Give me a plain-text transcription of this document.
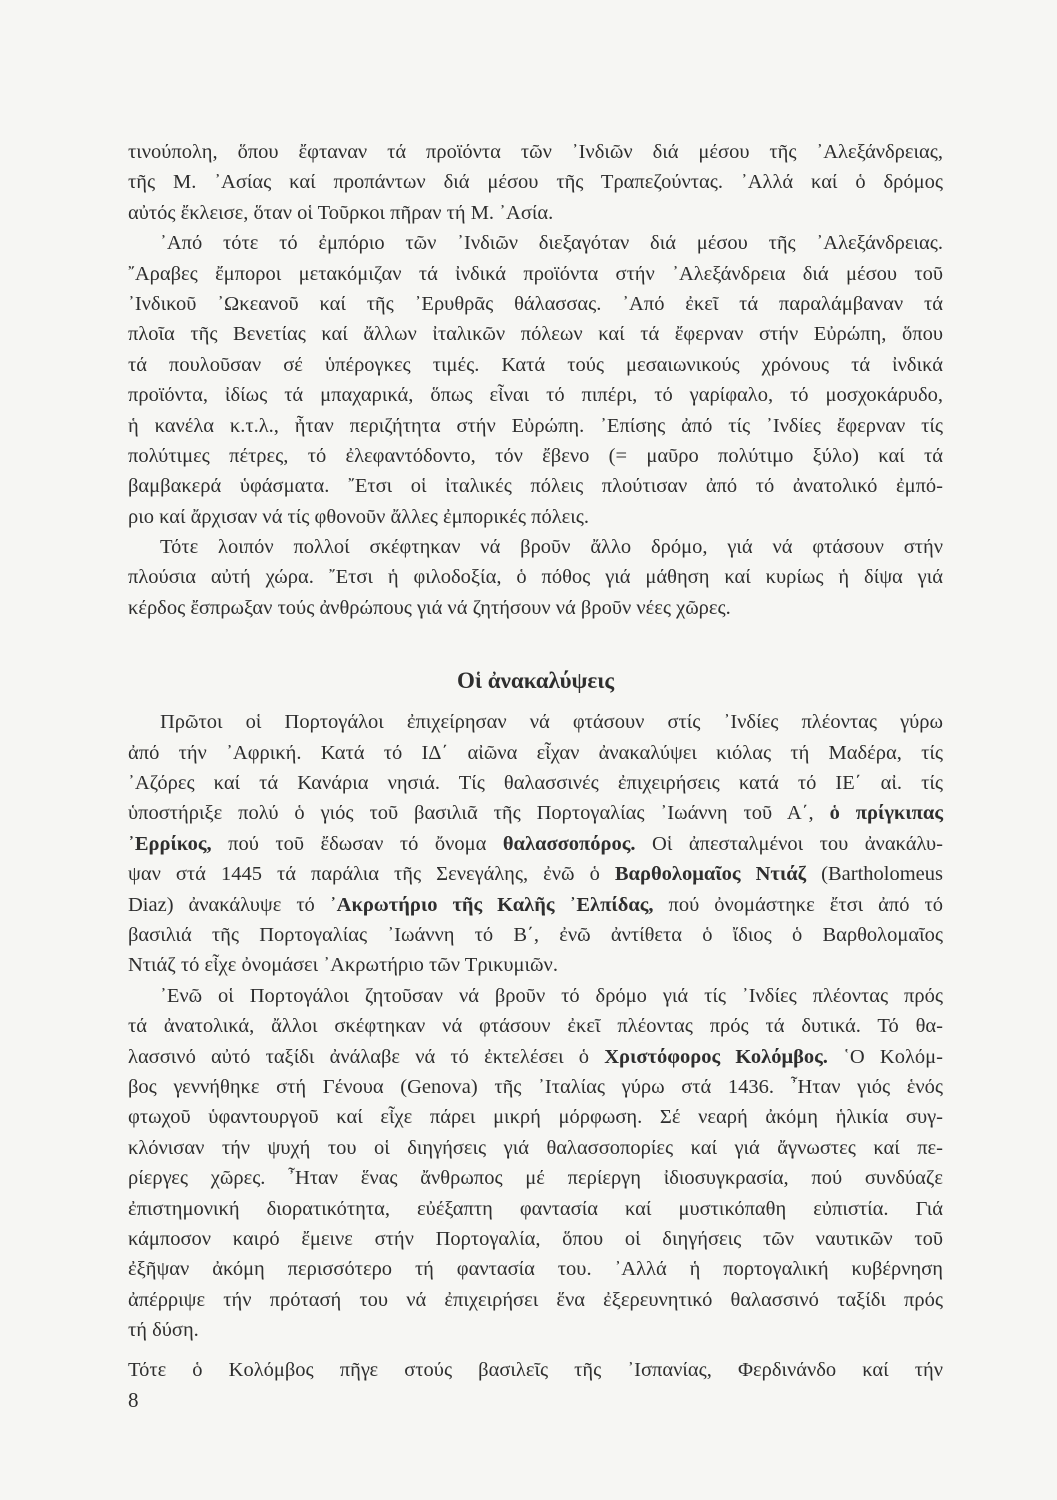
τινούπολη, ὅπου ἔφταναν τά προϊόντα τῶν ᾿Ινδιῶν διά μέσου τῆς ᾿Αλεξάνδρειας,
τῆς Μ. ᾿Ασίας καί προπάντων διά μέσου τῆς Τραπεζούντας. ᾿Αλλά καί ὁ δρόμος
αὐτός ἔκλεισε, ὅταν οἱ Τοῦρκοι πῆραν τή Μ. ᾿Ασία.
᾿Από τότε τό ἐμπόριο τῶν ᾿Ινδιῶν διεξαγόταν διά μέσου τῆς ᾿Αλεξάνδρειας.
῎Αραβες ἔμποροι μετακόμιζαν τά ἰνδικά προϊόντα στήν ᾿Αλεξάνδρεια διά μέσου τοῦ
᾿Ινδικοῦ ᾿Ωκεανοῦ καί τῆς ᾿Ερυθρᾶς θάλασσας. ᾿Από ἐκεῖ τά παραλάμβαναν τά
πλοῖα τῆς Βενετίας καί ἄλλων ἰταλικῶν πόλεων καί τά ἔφερναν στήν Εὐρώπη, ὅπου
τά πουλοῦσαν σέ ὑπέρογκες τιμές. Κατά τούς μεσαιωνικούς χρόνους τά ἰνδικά
προϊόντα, ἰδίως τά μπαχαρικά, ὅπως εἶναι τό πιπέρι, τό γαρίφαλο, τό μοσχοκάρυδο,
ἡ κανέλα κ.τ.λ., ἦταν περιζήτητα στήν Εὐρώπη. ᾿Επίσης ἀπό τίς ᾿Ινδίες ἔφερναν τίς
πολύτιμες πέτρες, τό ἐλεφαντόδοντο, τόν ἔβενο (= μαῦρο πολύτιμο ξύλο) καί τά
βαμβακερά ὑφάσματα. ῎Ετσι οἱ ἰταλικές πόλεις πλούτισαν ἀπό τό ἀνατολικό ἐμπό-
ριο καί ἄρχισαν νά τίς φθονοῦν ἄλλες ἐμπορικές πόλεις.
Τότε λοιπόν πολλοί σκέφτηκαν νά βροῦν ἄλλο δρόμο, γιά νά φτάσουν στήν
πλούσια αὐτή χώρα. ῎Ετσι ἡ φιλοδοξία, ὁ πόθος γιά μάθηση καί κυρίως ἡ δίψα γιά
κέρδος ἔσπρωξαν τούς ἀνθρώπους γιά νά ζητήσουν νά βροῦν νέες χῶρες.
Οἱ ἀνακαλύψεις
Πρῶτοι οἱ Πορτογάλοι ἐπιχείρησαν νά φτάσουν στίς ᾿Ινδίες πλέοντας γύρω
ἀπό τήν ᾿Αφρική. Κατά τό ΙΔ΄ αἰῶνα εἶχαν ἀνακαλύψει κιόλας τή Μαδέρα, τίς
᾿Αζόρες καί τά Κανάρια νησιά. Τίς θαλασσινές ἐπιχειρήσεις κατά τό ΙΕ΄ αἰ. τίς
ὑποστήριξε πολύ ὁ γιός τοῦ βασιλιᾶ τῆς Πορτογαλίας ᾿Ιωάννη τοῦ Α΄, ὁ πρίγκιπας
᾿Ερρίκος, πού τοῦ ἔδωσαν τό ὄνομα θαλασσοπόρος. Οἱ ἀπεσταλμένοι του ἀνακάλυ-
ψαν στά 1445 τά παράλια τῆς Σενεγάλης, ἐνῶ ὁ Βαρθολομαῖος Ντιάζ (Bartholomeus
Diaz) ἀνακάλυψε τό ᾿Ακρωτήριο τῆς Καλῆς ᾿Ελπίδας, πού ὀνομάστηκε ἔτσι ἀπό τό
βασιλιά τῆς Πορτογαλίας ᾿Ιωάννη τό Β΄, ἐνῶ ἀντίθετα ὁ ἴδιος ὁ Βαρθολομαῖος
Ντιάζ τό εἶχε ὀνομάσει ᾿Ακρωτήριο τῶν Τρικυμιῶν.
᾿Ενῶ οἱ Πορτογάλοι ζητοῦσαν νά βροῦν τό δρόμο γιά τίς ᾿Ινδίες πλέοντας πρός
τά ἀνατολικά, ἄλλοι σκέφτηκαν νά φτάσουν ἐκεῖ πλέοντας πρός τά δυτικά. Τό θα-
λασσινό αὐτό ταξίδι ἀνάλαβε νά τό ἐκτελέσει ὁ Χριστόφορος Κολόμβος. ῾Ο Κολόμ-
βος γεννήθηκε στή Γένουα (Genova) τῆς ᾿Ιταλίας γύρω στά 1436. ῏Ηταν γιός ἑνός
φτωχοῦ ὑφαντουργοῦ καί εἶχε πάρει μικρή μόρφωση. Σέ νεαρή ἀκόμη ἡλικία συγ-
κλόνισαν τήν ψυχή του οἱ διηγήσεις γιά θαλασσοπορίες καί γιά ἄγνωστες καί πε-
ρίεργες χῶρες. ῏Ηταν ἕνας ἄνθρωπος μέ περίεργη ἰδιοσυγκρασία, πού συνδύαζε
ἐπιστημονική διορατικότητα, εὐέξαπτη φαντασία καί μυστικόπαθη εὐπιστία. Γιά
κάμποσον καιρό ἔμεινε στήν Πορτογαλία, ὅπου οἱ διηγήσεις τῶν ναυτικῶν τοῦ
ἐξῆψαν ἀκόμη περισσότερο τή φαντασία του. ᾿Αλλά ἡ πορτογαλική κυβέρνηση
ἀπέρριψε τήν πρότασή του νά ἐπιχειρήσει ἕνα ἐξερευνητικό θαλασσινό ταξίδι πρός
τή δύση.
Τότε ὁ Κολόμβος πῆγε στούς βασιλεῖς τῆς ᾿Ισπανίας, Φερδινάνδο καί τήν
8
